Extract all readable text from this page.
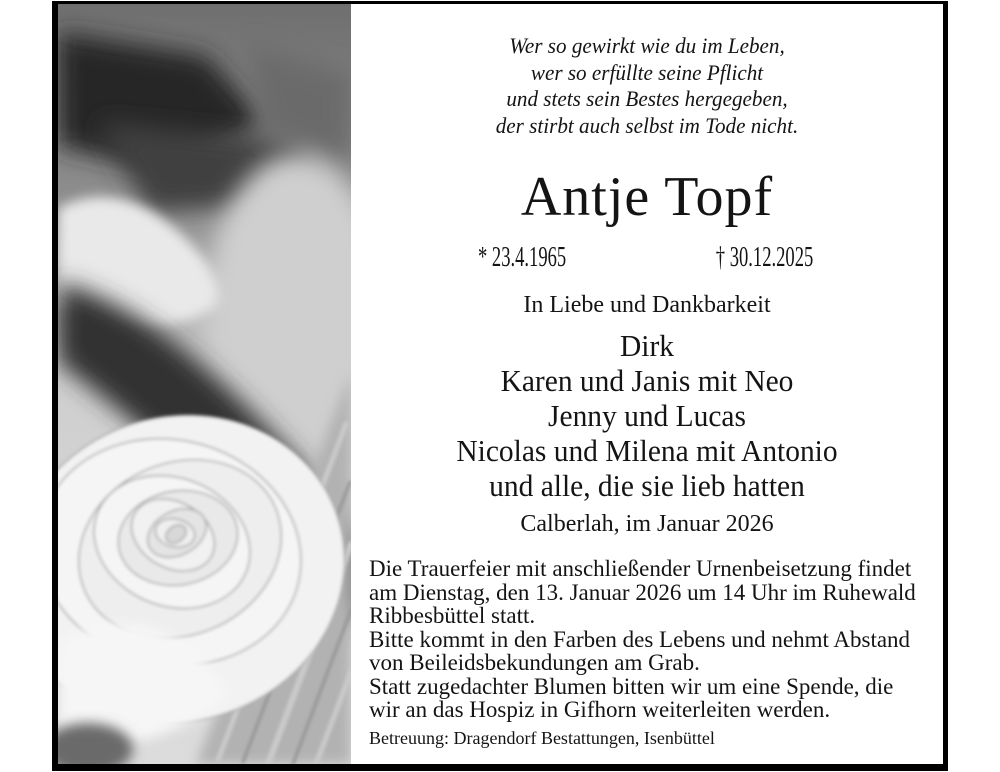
Wer so gewirkt wie du im Leben,
wer so erfüllte seine Pflicht
und stets sein Bestes hergegeben,
der stirbt auch selbst im Tode nicht.
Antje Topf
* 23.4.1965	† 30.12.2025
In Liebe und Dankbarkeit
Dirk
Karen und Janis mit Neo
Jenny und Lucas
Nicolas und Milena mit Antonio
und alle, die sie lieb hatten
Calberlah, im Januar 2026
Die Trauerfeier mit anschließender Urnenbeisetzung findet
am Dienstag, den 13. Januar 2026 um 14 Uhr im Ruhewald
Ribbesbüttel statt.
Bitte kommt in den Farben des Lebens und nehmt Abstand
von Beileidsbekundungen am Grab.
Statt zugedachter Blumen bitten wir um eine Spende, die
wir an das Hospiz in Gifhorn weiterleiten werden.
Betreuung: Dragendorf Bestattungen, Isenbüttel
